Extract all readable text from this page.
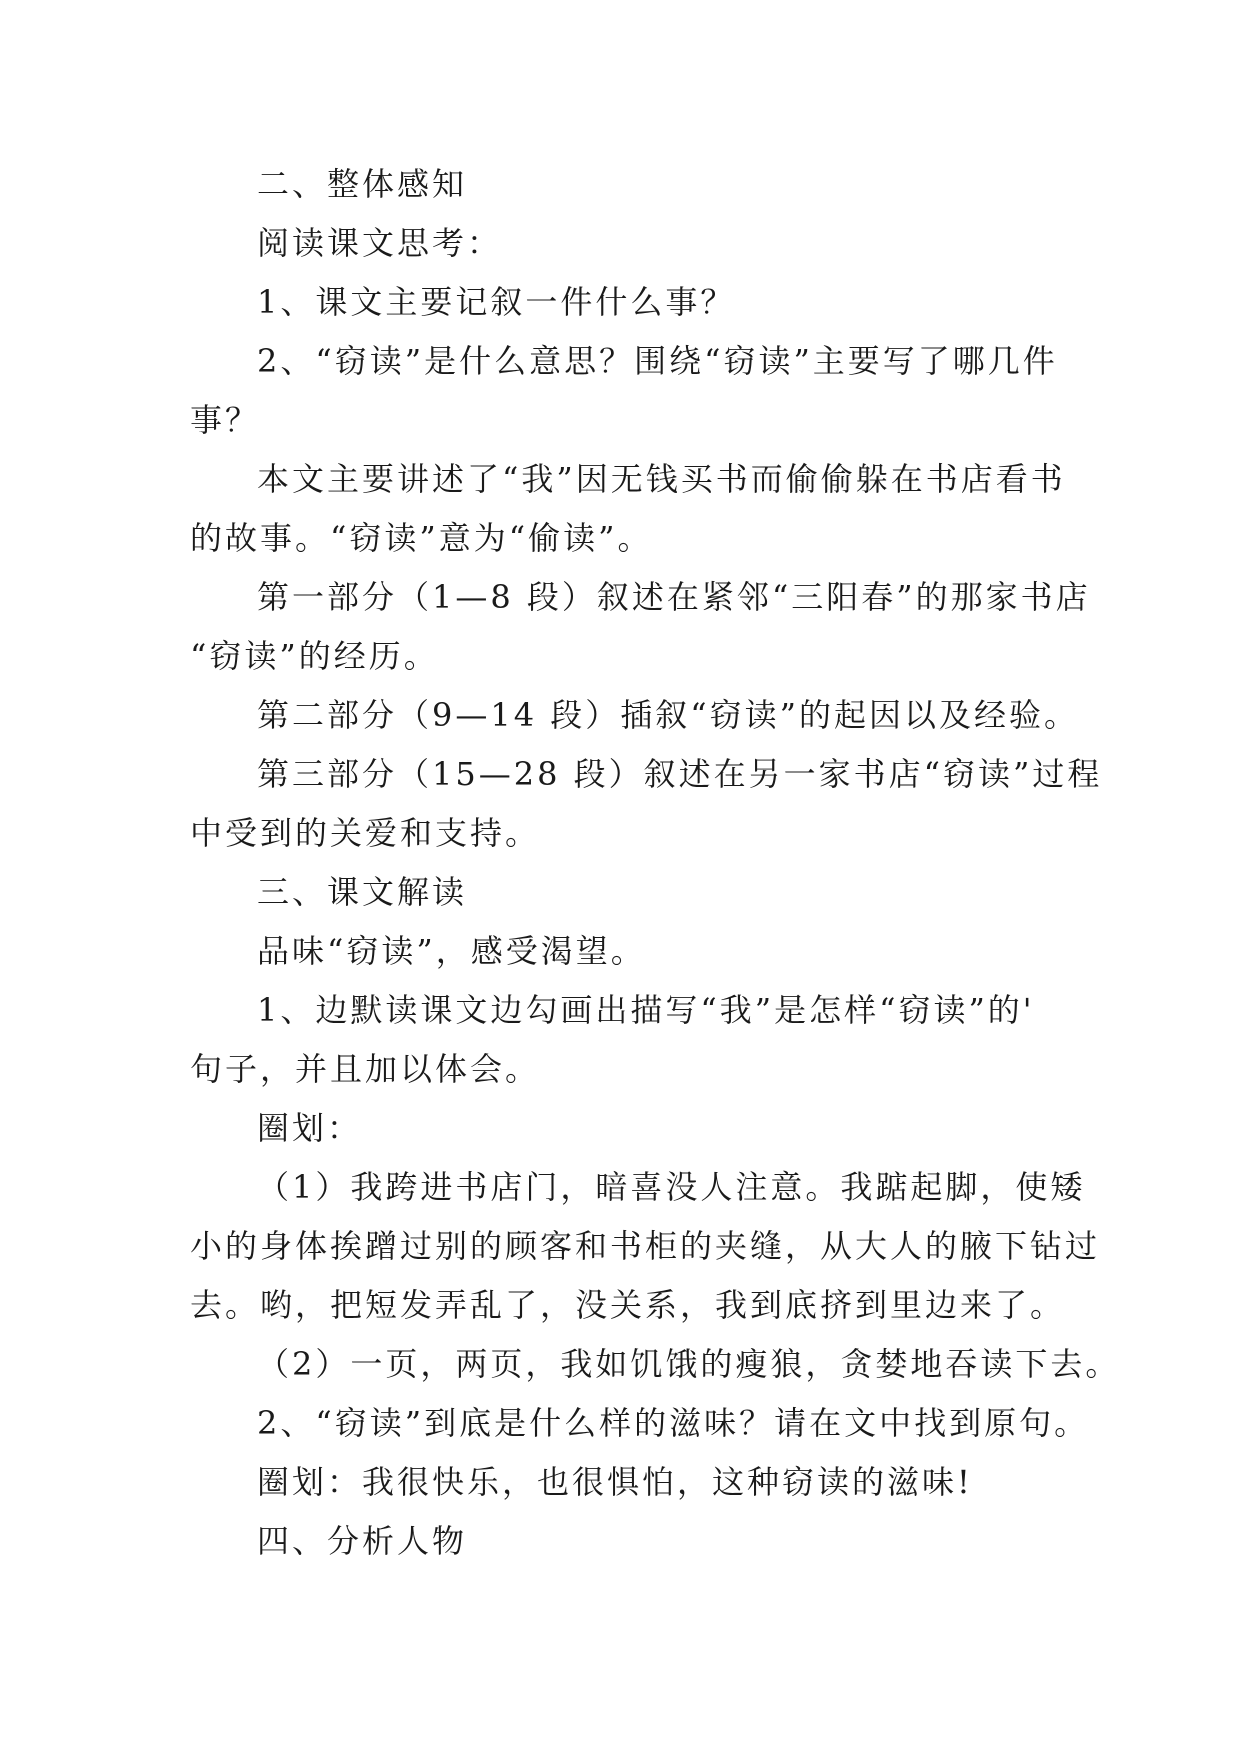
二、整体感知
阅读课文思考：
1、课文主要记叙一件什么事？
2、“窃读”是什么意思？围绕“窃读”主要写了哪几件
事？
本文主要讲述了“我”因无钱买书而偷偷躲在书店看书
的故事。“窃读”意为“偷读”。
第一部分（1—8 段）叙述在紧邻“三阳春”的那家书店
“窃读”的经历。
第二部分（9—14 段）插叙“窃读”的起因以及经验。
第三部分（15—28 段）叙述在另一家书店“窃读”过程
中受到的关爱和支持。
三、课文解读
品味“窃读”，感受渴望。
1、边默读课文边勾画出描写“我”是怎样“窃读”的'
句子，并且加以体会。
圈划：
（1）我跨进书店门，暗喜没人注意。我踮起脚，使矮
小的身体挨蹭过别的顾客和书柜的夹缝，从大人的腋下钻过
去。哟，把短发弄乱了，没关系，我到底挤到里边来了。
（2）一页，两页，我如饥饿的瘦狼，贪婪地吞读下去。
2、“窃读”到底是什么样的滋味？请在文中找到原句。
圈划：我很快乐，也很惧怕，这种窃读的滋味!
四、分析人物
